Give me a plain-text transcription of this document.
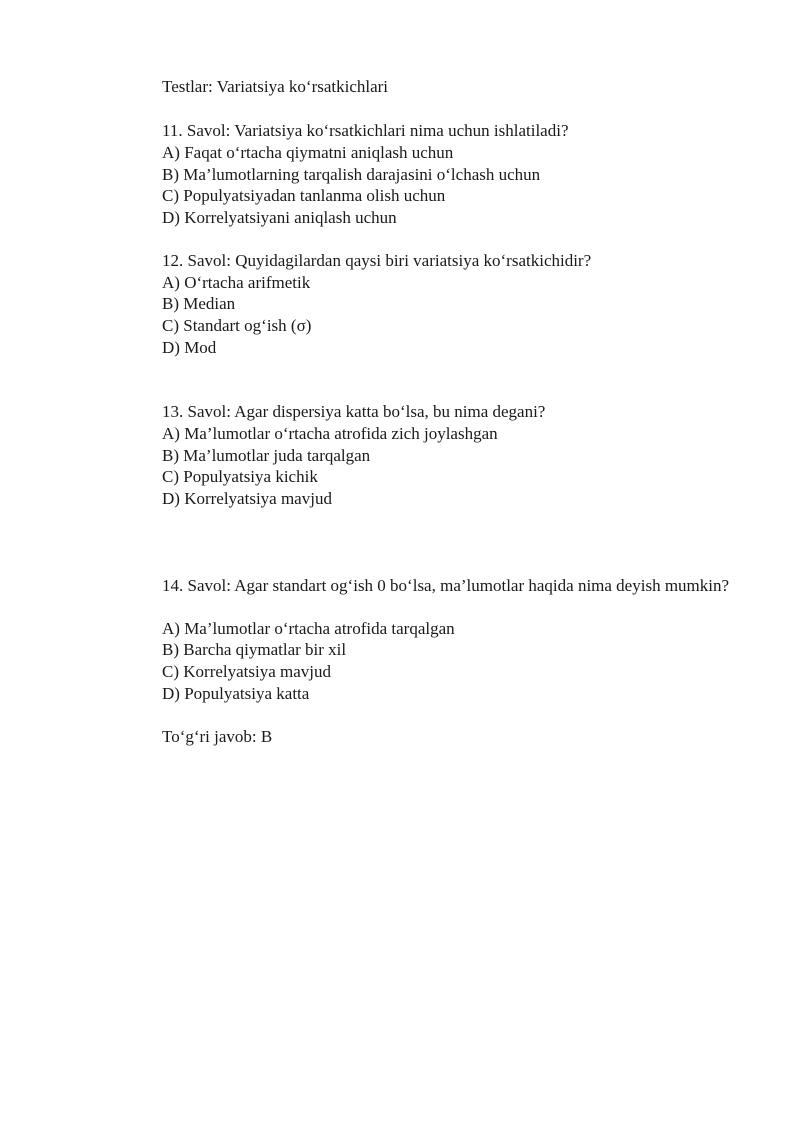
Testlar: Variatsiya ko‘rsatkichlari
11. Savol: Variatsiya ko‘rsatkichlari nima uchun ishlatiladi?
A) Faqat o‘rtacha qiymatni aniqlash uchun
B) Ma’lumotlarning tarqalish darajasini o‘lchash uchun
C) Populyatsiyadan tanlanma olish uchun
D) Korrelyatsiyani aniqlash uchun
12. Savol: Quyidagilardan qaysi biri variatsiya ko‘rsatkichidir?
A) O‘rtacha arifmetik
B) Median
C) Standart og‘ish (σ)
D) Mod
13. Savol: Agar dispersiya katta bo‘lsa, bu nima degani?
A) Ma’lumotlar o‘rtacha atrofida zich joylashgan
B) Ma’lumotlar juda tarqalgan
C) Populyatsiya kichik
D) Korrelyatsiya mavjud
14. Savol: Agar standart og‘ish 0 bo‘lsa, ma’lumotlar haqida nima deyish mumkin?
A) Ma’lumotlar o‘rtacha atrofida tarqalgan
B) Barcha qiymatlar bir xil
C) Korrelyatsiya mavjud
D) Populyatsiya katta
To‘g‘ri javob: B
